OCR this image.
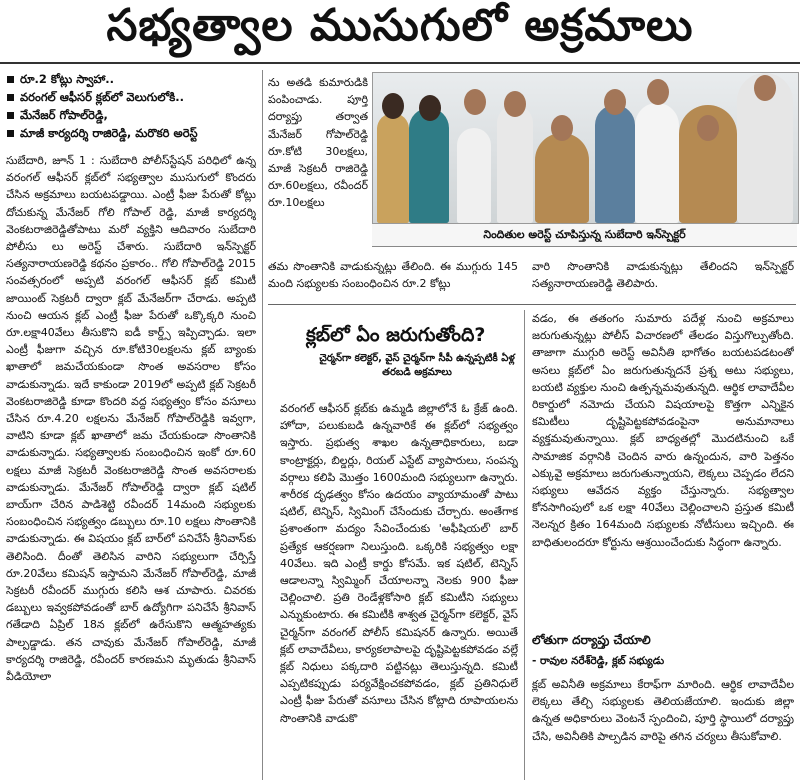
సభ్యత్వాల ముసుగులో అక్రమాలు
రూ.2 కోట్లు స్వాహా..
వరంగల్ ఆఫీసర్ క్లబ్‌లో వెలుగులోకి..
మేనేజర్ గోపాల్‌రెడ్డి,
మాజీ కార్యదర్శి రాజిరెడ్డి, మరొకరి అరెస్ట్

సుబేదారి, జూన్ 1 : సుబేదారి పోలీస్‌స్టేషన్ పరిధిలో ఉన్న వరంగల్ ఆఫీసర్ క్లబ్‌లో సభ్యత్వాల ముసుగులో కొందరు చేసిన అక్రమాలు బయటపడ్డాయి. ఎంట్రీ ఫీజు పేరుతో కోట్లు దోచుకున్న మేనేజర్ గోలి గోపాల్ రెడ్డి, మాజీ కార్యదర్శి వెంకటరాజిరెడ్డితోపాటు మరో వ్యక్తిని ఆదివారం సుబేదారి పోలీసు లు అరెస్ట్ చేశారు. సుబేదారి ఇన్‌స్పెక్టర్ సత్యనారాయణరెడ్డి కథనం ప్రకారం.. గోలి గోపాల్‌రెడ్డి 2015 సంవత్సరంలో అప్పటి వరంగల్ ఆఫీసర్ క్లబ్ కమిటీ జాయింట్ సెక్రటరీ ద్వారా క్లబ్ మేనేజర్‌గా చేరాడు. అప్పటి నుంచి ఆయన క్లబ్ ఎంట్రీ ఫీజు పేరుతో ఒక్కొక్కరి నుంచి రూ.లక్షా40వేలు తీసుకొని ఐడీ కార్డ్స్ ఇప్పిచ్చాడు. ఇలా ఎంట్రీ ఫీజుగా వచ్చిన రూ.కోటి30లక్షలను క్లబ్ బ్యాంకు ఖాతాలో జమచేయకుండా సొంత అవసరాల కోసం వాడుకున్నాడు. ఇదే కాకుండా 2019లో అప్పటి క్లబ్ సెక్రటరీ వెంకటరాజిరెడ్డి కూడా కొందరి వద్ద సభ్యత్వం కోసం వసూలు చేసిన రూ.4.20 లక్షలను మేనేజర్ గోపాల్‌రెడ్డికి ఇవ్వగా, వాటిని కూడా క్లబ్ ఖాతాలో జమ చేయకుండా సొంతానికి వాడుకున్నాడు. సభ్యత్వాలకు సంబంధించిన ఇంకో రూ.60 లక్షలు మాజీ సెక్రటరీ వెంకటరాజిరెడ్డి సొంత అవసరాలకు వాడుకున్నాడు. మేనేజర్ గోపాల్‌రెడ్డి ద్వారా క్లబ్ షటిల్ బాయ్‌గా చేరిన పాడిశెట్టి రవీందర్ 14మంది సభ్యులకు సంబంధించిన సభ్యత్వం డబ్బులు రూ.10 లక్షలు సొంతానికి వాడుకున్నాడు. ఈ విషయం క్లబ్ బార్‌లో పనిచేసే శ్రీనివాస్‌కు తెలిసింది. దీంతో తెలిసిన వారిని సభ్యులుగా చేర్పిస్తే రూ.20వేలు కమిషన్ ఇస్తామని మేనేజర్ గోపాల్‌రెడ్డి, మాజీ సెక్రటరీ రవీందర్ ముగ్గురు కలిసి ఆశ చూపారు. చివరకు డబ్బులు ఇవ్వకపోవడంతో బార్ ఉద్యోగిగా పనిచేసే శ్రీనివాస్ గతేడాది ఏప్రిల్ 18న క్లబ్‌లో ఉరేసుకొని ఆత్మహత్యకు పాల్పడ్డాడు. తన చావుకు మేనేజర్ గోపాల్‌రెడ్డి, మాజీ కార్యదర్శి రాజిరెడ్డి, రవీందర్ కారణమని మృతుడు శ్రీనివాస్ వీడియోలా

ను అతడి కుమారుడికి పంపించాడు. పూర్తి దర్యాప్తు తర్వాత మేనేజర్ గోపాల్‌రెడ్డి రూ.కోటి 30లక్షలు, మాజీ సెక్రటరీ రాజిరెడ్డి రూ.60లక్షలు, రవీందర్ రూ.10లక్షలు

నిందితుల అరెస్ట్ చూపిస్తున్న సుబేదారి ఇన్‌స్పెక్టర్

తమ సొంతానికి వాడుకున్నట్లు తేలింది. ఈ ముగ్గురు 145 మంది సభ్యులకు సంబంధించిన రూ.2 కోట్లు

వారి సొంతానికి వాడుకున్నట్లు తేలిందని ఇన్‌స్పెక్టర్ సత్యనారాయణరెడ్డి తెలిపారు.

క్లబ్‌లో ఏం జరుగుతోంది?
చైర్మన్‌గా కలెక్టర్, వైస్ చైర్మన్‌గా సీపీ ఉన్నప్పటికీ ఏళ్ల తరబడి అక్రమాలు

వరంగల్ ఆఫీసర్ క్లబ్‌కు ఉమ్మడి జిల్లాలోనే ఓ క్రేజ్ ఉంది. హోదా, పలుకుబడి ఉన్నవారికే ఈ క్లబ్‌లో సభ్యత్వం ఇస్తారు. ప్రభుత్వ శాఖల ఉన్నతాధికారులు, బడా కాంట్రాక్టర్లు, బిల్డర్లు, రియల్ ఎస్టేట్ వ్యాపారులు, సంపన్న వర్గాలు కలిపి మొత్తం 1600మంది సభ్యులుగా ఉన్నారు. శారీరక దృఢత్వం కోసం ఉదయం వ్యాయామంతో పాటు షటిల్, టెన్నిస్, స్విమింగ్ చేసేందుకు చేర్చారు. అంతేగాక ప్రశాంతంగా మద్యం సేవించేందుకు 'అఫీషియల్' బార్ ప్రత్యేక ఆకర్షణగా నిలుస్తుంది. ఒక్కరికి సభ్యత్వం లక్షా 40వేలు. ఇది ఎంట్రీ కార్డు కోసమే. ఇక షటిల్, టెన్నిస్ ఆడాలన్నా స్విమ్మింగ్ చేయాలన్నా నెలకు 900 ఫీజు చెల్లించాలి. ప్రతి రెండేళ్లకోసారి క్లబ్ కమిటీని సభ్యులు ఎన్నుకుంటారు. ఈ కమిటీకి శాశ్వత చైర్మన్‌గా కలెక్టర్, వైస్ చైర్మన్‌గా వరంగల్ పోలీస్ కమిషనర్ ఉన్నారు. అయితే క్లబ్ లావాదేవీలు, కార్యకలాపాలపై దృష్టిపెట్టకపోవడం వల్లే క్లబ్ నిధులు పక్కదారి పట్టినట్లు తెలుస్తున్నది. కమిటీ ఎప్పటికప్పుడు పర్యవేక్షించకపోవడం, క్లబ్ ప్రతినిధులే ఎంట్రీ ఫీజు పేరుతో వసూలు చేసిన కోట్లాది రూపాయలను సొంతానికి వాడుకొ

వడం, ఈ తతంగం సుమారు పదేళ్ల నుంచి అక్రమాలు జరుగుతున్నట్లు పోలీస్ విచారణలో తేలడం విస్తుగొల్పుతోంది. తాజాగా ముగ్గురి అరెస్ట్ అవినీతి భాగోతం బయటపడటంతో అసలు క్లబ్‌లో ఏం జరుగుతున్నదనే ప్రశ్న అటు సభ్యులు, బయటి వ్యక్తుల నుంచి ఉత్పన్నమవుతున్నది. ఆర్థిక లావాదేవీల రికార్డులో నమోదు చేయని విషయాలపై కొత్తగా ఎన్నికైన కమిటీలు దృష్టిపెట్టకపోవడంపైనా అనుమానాలు వ్యక్తమవుతున్నాయి. క్లబ్ బాధ్యతల్లో మొదటినుంచి ఒకే సామాజిక వర్గానికి చెందిన వారు ఉన్నందున, వారి పెత్తనం ఎక్కువై అక్రమాలు జరుగుతున్నాయని, లెక్కలు చెప్పడం లేదని సభ్యులు ఆవేదన వ్యక్తం చేస్తున్నారు. సభ్యత్వాల కోనసాగింపులో ఒక లక్షా 40వేలు చెల్లించాలని ప్రస్తుత కమిటీ నెలన్నర క్రితం 164మంది సభ్యులకు నోటీసులు ఇచ్చింది. ఈ బాధితులందరూ కోర్టును ఆశ్రయించేందుకు సిద్ధంగా ఉన్నారు.

లోతుగా దర్యాప్తు చేయాలి
- రావుల నరేశ్‌రెడ్డి, క్లబ్ సభ్యుడు

క్లబ్ అవినీతి అక్రమాలు కేరాఫ్‌గా మారింది. ఆర్థిక లావాదేవీల లెక్కలు తేల్చి సభ్యులకు తెలియజేయాలి. ఇందుకు జిల్లా ఉన్నత అధికారులు వెంటనే స్పందించి, పూర్తి స్థాయిలో దర్యాప్తు చేసి, అవినీతికి పాల్పడిన వారిపై తగిన చర్యలు తీసుకోవాలి.
